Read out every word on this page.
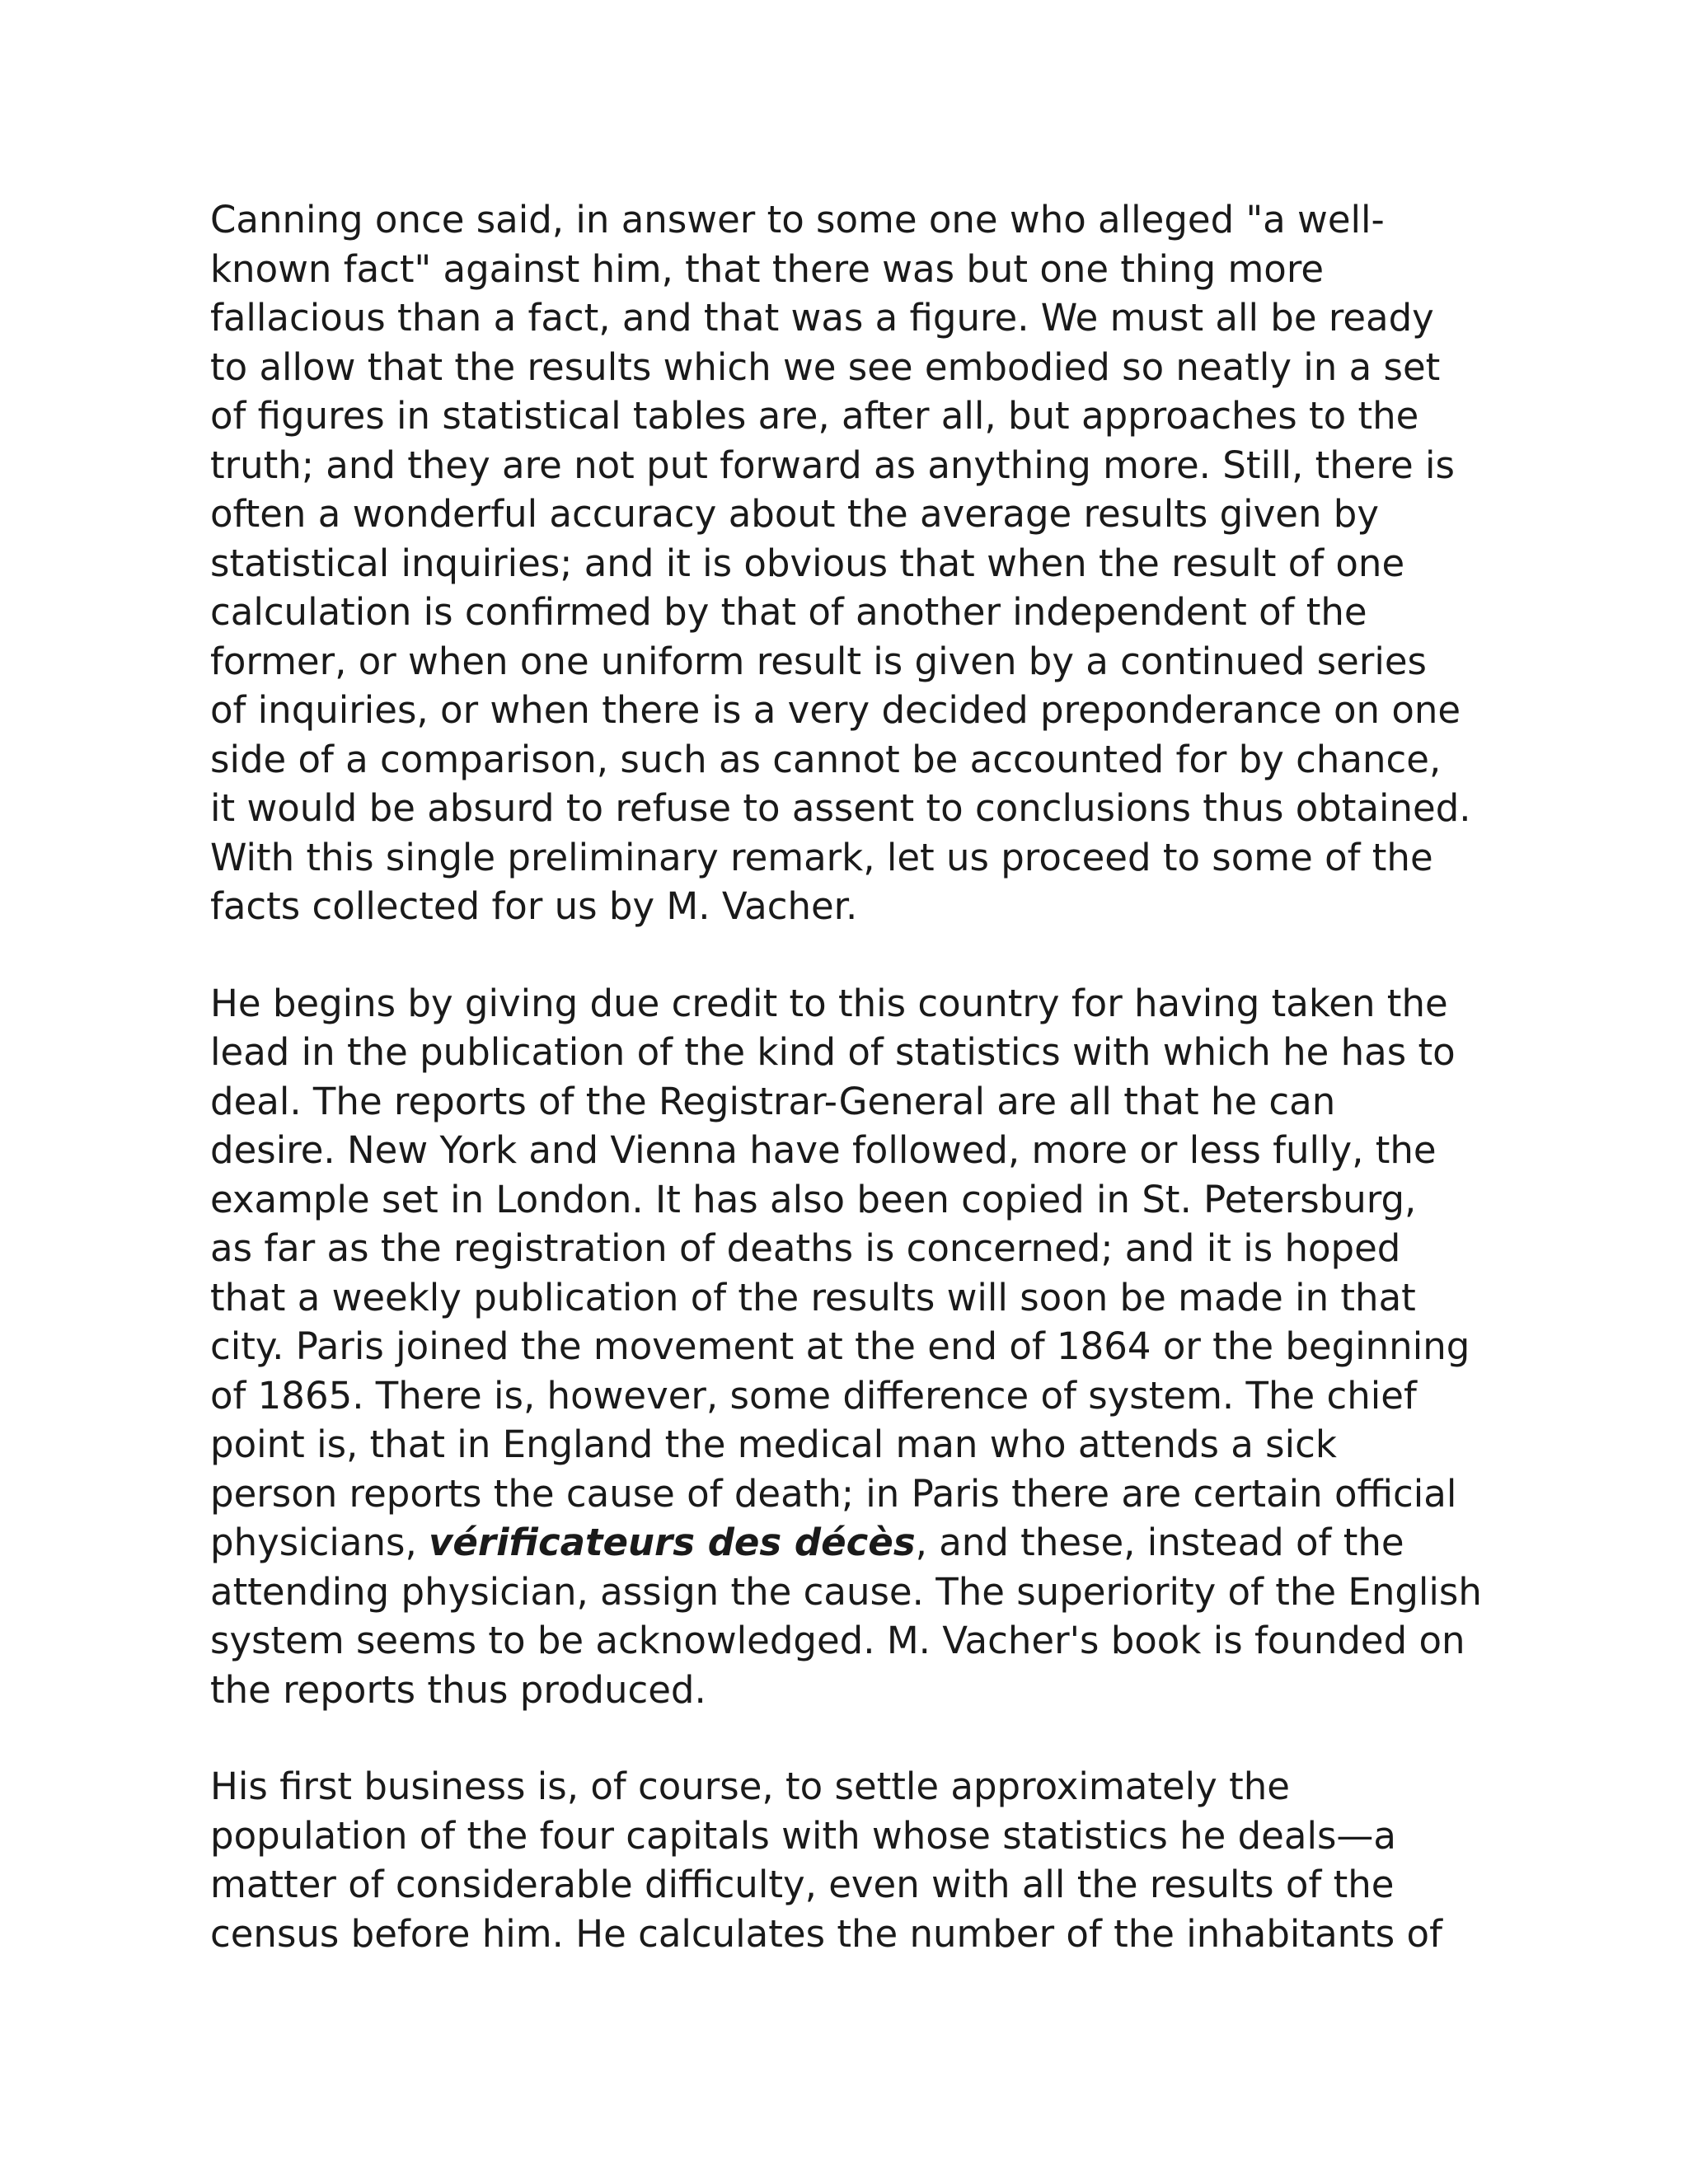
Canning once said, in answer to some one who alleged "a well-
known fact" against him, that there was but one thing more
fallacious than a fact, and that was a figure. We must all be ready
to allow that the results which we see embodied so neatly in a set
of figures in statistical tables are, after all, but approaches to the
truth; and they are not put forward as anything more. Still, there is
often a wonderful accuracy about the average results given by
statistical inquiries; and it is obvious that when the result of one
calculation is confirmed by that of another independent of the
former, or when one uniform result is given by a continued series
of inquiries, or when there is a very decided preponderance on one
side of a comparison, such as cannot be accounted for by chance,
it would be absurd to refuse to assent to conclusions thus obtained.
With this single preliminary remark, let us proceed to some of the
facts collected for us by M. Vacher.

He begins by giving due credit to this country for having taken the
lead in the publication of the kind of statistics with which he has to
deal. The reports of the Registrar-General are all that he can
desire. New York and Vienna have followed, more or less fully, the
example set in London. It has also been copied in St. Petersburg,
as far as the registration of deaths is concerned; and it is hoped
that a weekly publication of the results will soon be made in that
city. Paris joined the movement at the end of 1864 or the beginning
of 1865. There is, however, some difference of system. The chief
point is, that in England the medical man who attends a sick
person reports the cause of death; in Paris there are certain official
physicians, vérificateurs des décès, and these, instead of the
attending physician, assign the cause. The superiority of the English
system seems to be acknowledged. M. Vacher's book is founded on
the reports thus produced.

His first business is, of course, to settle approximately the
population of the four capitals with whose statistics he deals—a
matter of considerable difficulty, even with all the results of the
census before him. He calculates the number of the inhabitants of
